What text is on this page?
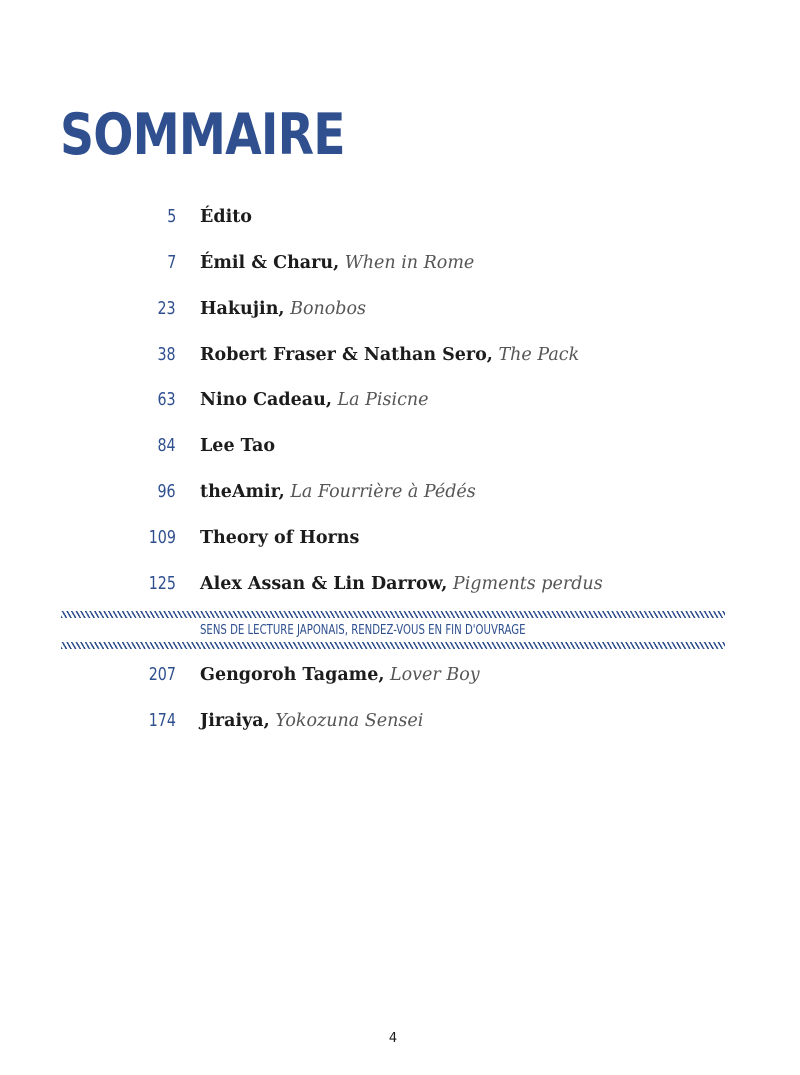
SOMMAIRE
5 Édito
7 Émil & Charu, When in Rome
23 Hakujin, Bonobos
38 Robert Fraser & Nathan Sero, The Pack
63 Nino Cadeau, La Pisicne
84 Lee Tao
96 theAmir, La Fourrière à Pédés
109 Theory of Horns
125 Alex Assan & Lin Darrow, Pigments perdus
207 Gengoroh Tagame, Lover Boy
174 Jiraiya, Yokozuna Sensei

SENS DE LECTURE JAPONAIS, RENDEZ-VOUS EN FIN D'OUVRAGE

4
